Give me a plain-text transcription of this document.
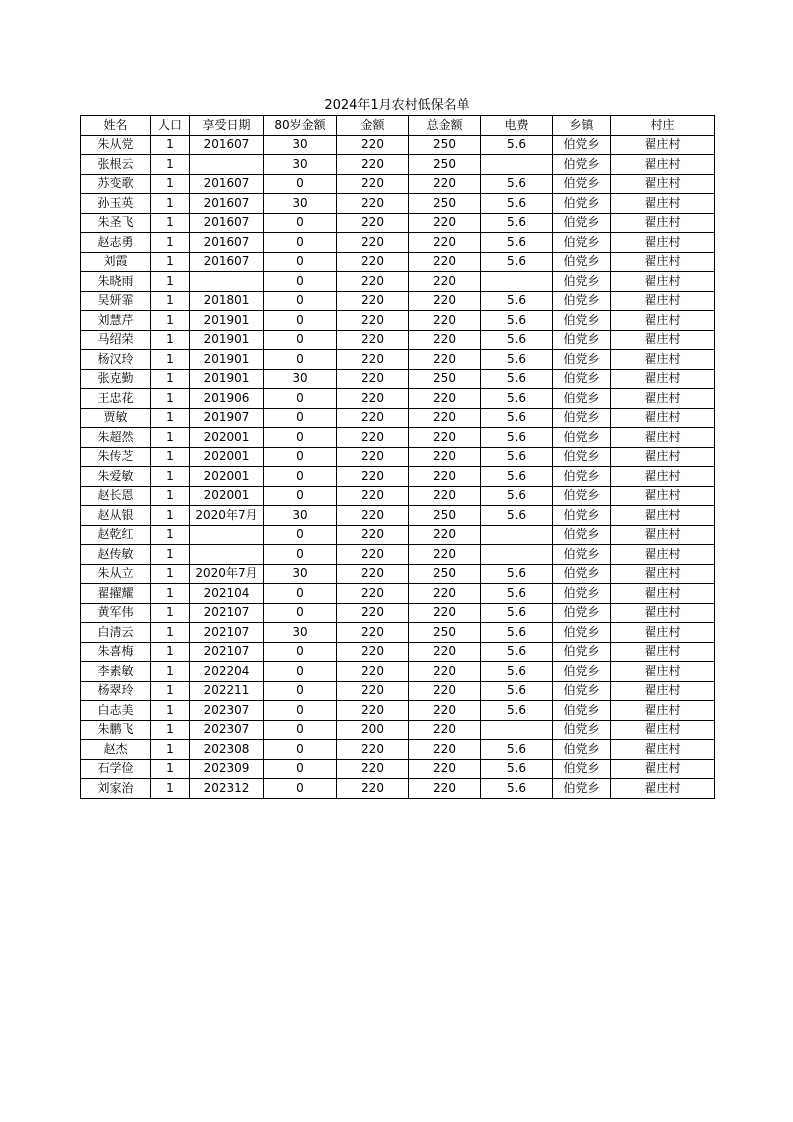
2024年1月农村低保名单
姓名	人口	享受日期	80岁金额	金额	总金额	电费	乡镇	村庄
朱从党	1	201607	30	220	250	5.6	伯党乡	翟庄村
张根云	1		30	220	250		伯党乡	翟庄村
苏变歌	1	201607	0	220	220	5.6	伯党乡	翟庄村
孙玉英	1	201607	30	220	250	5.6	伯党乡	翟庄村
朱圣飞	1	201607	0	220	220	5.6	伯党乡	翟庄村
赵志勇	1	201607	0	220	220	5.6	伯党乡	翟庄村
刘霞	1	201607	0	220	220	5.6	伯党乡	翟庄村
朱晓雨	1		0	220	220		伯党乡	翟庄村
吴妍霏	1	201801	0	220	220	5.6	伯党乡	翟庄村
刘慧芹	1	201901	0	220	220	5.6	伯党乡	翟庄村
马绍荣	1	201901	0	220	220	5.6	伯党乡	翟庄村
杨汉玲	1	201901	0	220	220	5.6	伯党乡	翟庄村
张克勤	1	201901	30	220	250	5.6	伯党乡	翟庄村
王忠花	1	201906	0	220	220	5.6	伯党乡	翟庄村
贾敏	1	201907	0	220	220	5.6	伯党乡	翟庄村
朱超然	1	202001	0	220	220	5.6	伯党乡	翟庄村
朱传芝	1	202001	0	220	220	5.6	伯党乡	翟庄村
朱爱敏	1	202001	0	220	220	5.6	伯党乡	翟庄村
赵长恩	1	202001	0	220	220	5.6	伯党乡	翟庄村
赵从银	1	2020年7月	30	220	250	5.6	伯党乡	翟庄村
赵乾红	1		0	220	220		伯党乡	翟庄村
赵传敏	1		0	220	220		伯党乡	翟庄村
朱从立	1	2020年7月	30	220	250	5.6	伯党乡	翟庄村
翟擢耀	1	202104	0	220	220	5.6	伯党乡	翟庄村
黄军伟	1	202107	0	220	220	5.6	伯党乡	翟庄村
白清云	1	202107	30	220	250	5.6	伯党乡	翟庄村
朱喜梅	1	202107	0	220	220	5.6	伯党乡	翟庄村
李素敏	1	202204	0	220	220	5.6	伯党乡	翟庄村
杨翠玲	1	202211	0	220	220	5.6	伯党乡	翟庄村
白志美	1	202307	0	220	220	5.6	伯党乡	翟庄村
朱鹏飞	1	202307	0	200	220		伯党乡	翟庄村
赵杰	1	202308	0	220	220	5.6	伯党乡	翟庄村
石学俭	1	202309	0	220	220	5.6	伯党乡	翟庄村
刘家治	1	202312	0	220	220	5.6	伯党乡	翟庄村
